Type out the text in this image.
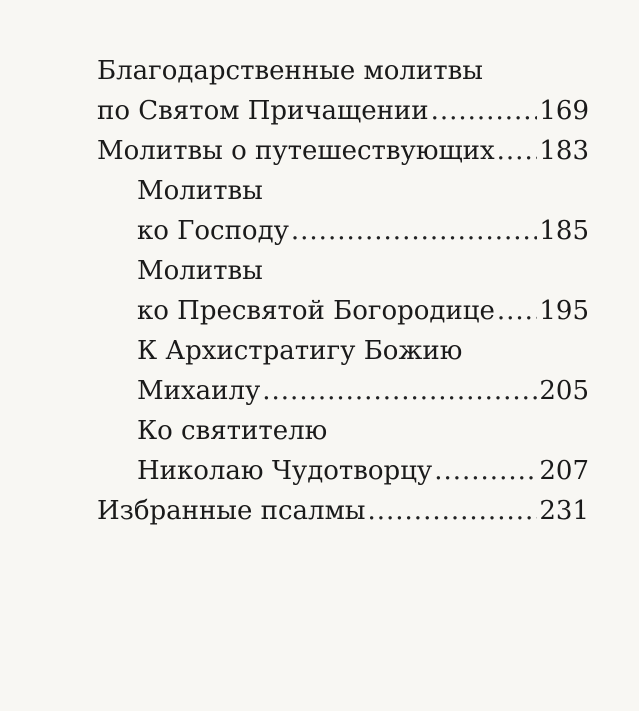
Благодарственные молитвы
по Святом Причащении .....	169
Молитвы о путешествующих ..... 183
Молитвы
ко Господу .....	185
Молитвы
ко Пресвятой Богородице ..... 195
К Архистратигу Божию
Михаилу .....	205
Ко святителю
Николаю Чудотворцу .....	207
Избранные псалмы .....	231
